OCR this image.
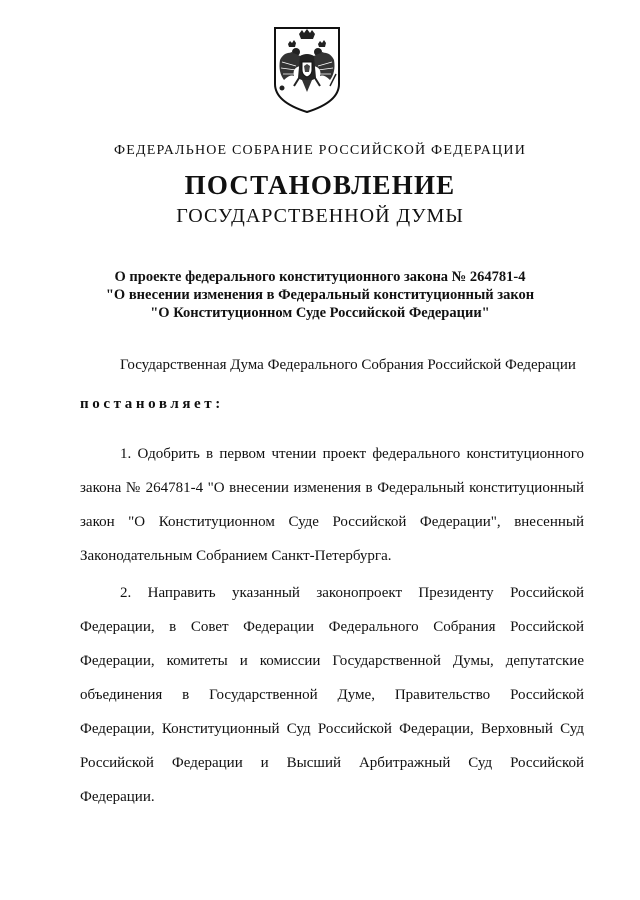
ФЕДЕРАЛЬНОЕ СОБРАНИЕ РОССИЙСКОЙ ФЕДЕРАЦИИ
ПОСТАНОВЛЕНИЕ
ГОСУДАРСТВЕННОЙ ДУМЫ
О проекте федерального конституционного закона № 264781-4
"О внесении изменения в Федеральный конституционный закон
"О Конституционном Суде Российской Федерации"
Государственная Дума Федерального Собрания Российской Федерации
постановляет:
1. Одобрить в первом чтении проект федерального конституционного
закона № 264781-4 "О внесении изменения в Федеральный конституционный
закон "О Конституционном Суде Российской Федерации", внесенный
Законодательным Собранием Санкт-Петербурга.
2. Направить указанный законопроект Президенту Российской
Федерации, в Совет Федерации Федерального Собрания Российской
Федерации, комитеты и комиссии Государственной Думы, депутатские
объединения в Государственной Думе, Правительство Российской
Федерации, Конституционный Суд Российской Федерации, Верховный Суд
Российской Федерации и Высший Арбитражный Суд Российской
Федерации.
